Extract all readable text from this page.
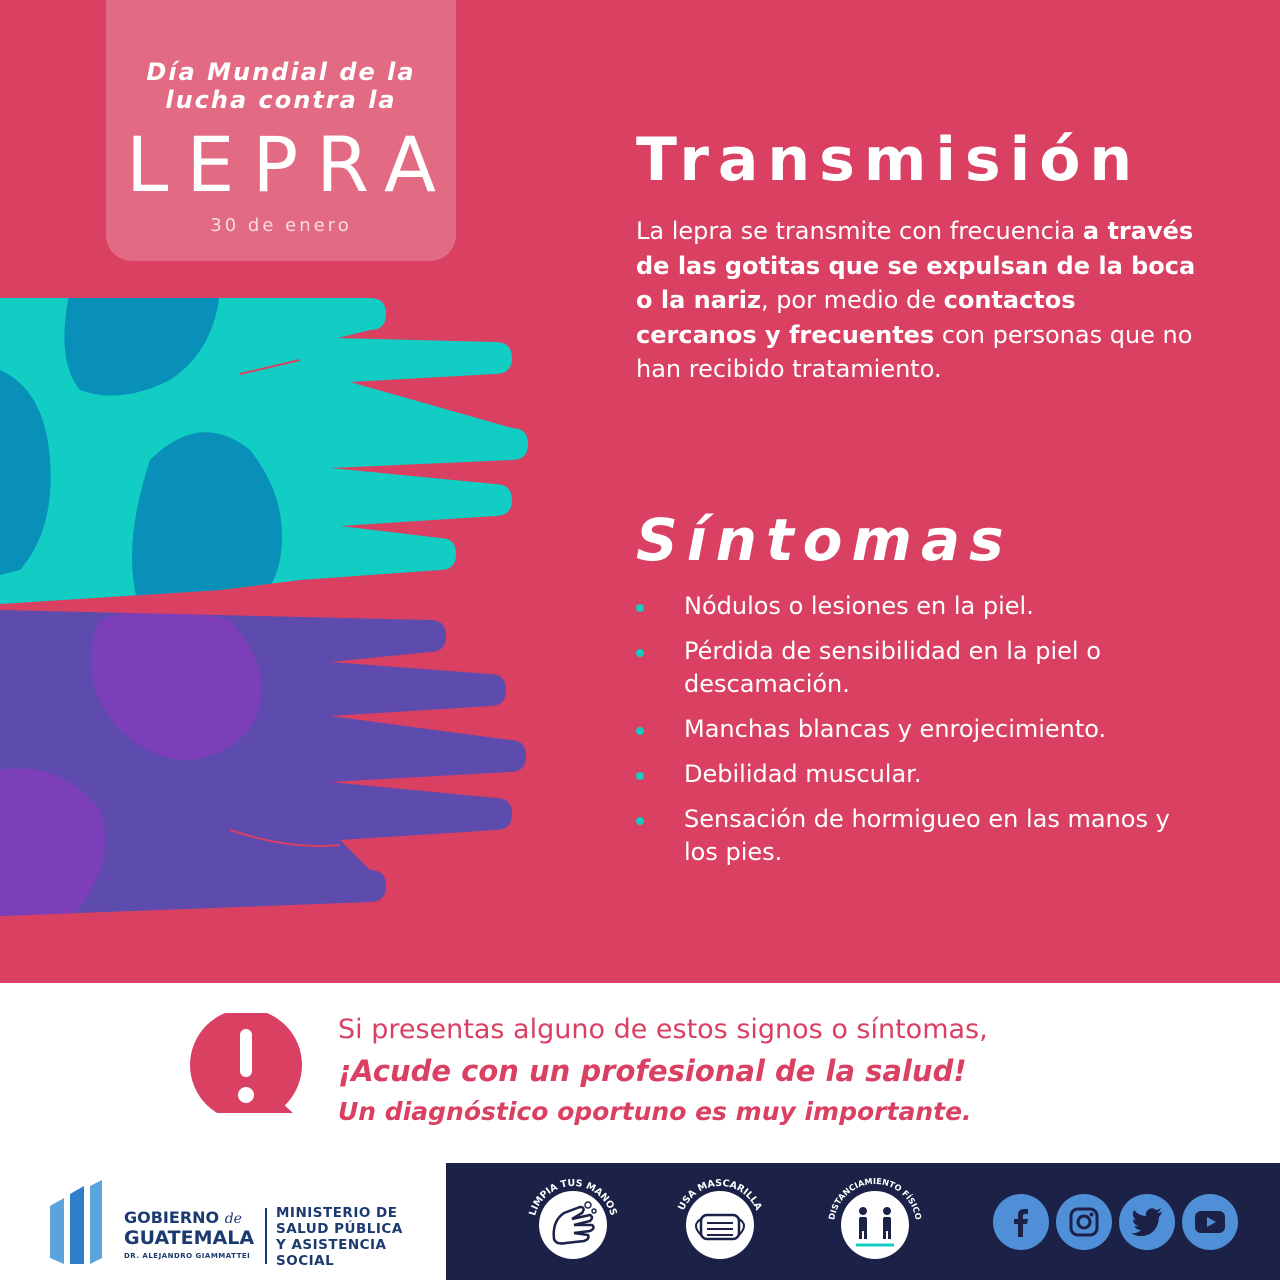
Día Mundial de la
lucha contra la
LEPRA
30 de enero
Transmisión
La lepra se transmite con frecuencia a través de las gotitas que se expulsan de la boca o la nariz, por medio de contactos cercanos y frecuentes con personas que no han recibido tratamiento.
Síntomas
Nódulos o lesiones en la piel.
Pérdida de sensibilidad en la piel o descamación.
Manchas blancas y enrojecimiento.
Debilidad muscular.
Sensación de hormigueo en las manos y los pies.
Si presentas alguno de estos signos o síntomas,
¡Acude con un profesional de la salud!
Un diagnóstico oportuno es muy importante.
GOBIERNO de
GUATEMALA
DR. ALEJANDRO GIAMMATTEI
MINISTERIO DE
SALUD PÚBLICA
Y ASISTENCIA
SOCIAL
LIMPIA TUS MANOS	USA MASCARILLA
DISTANCIAMIENTO FÍSICO
